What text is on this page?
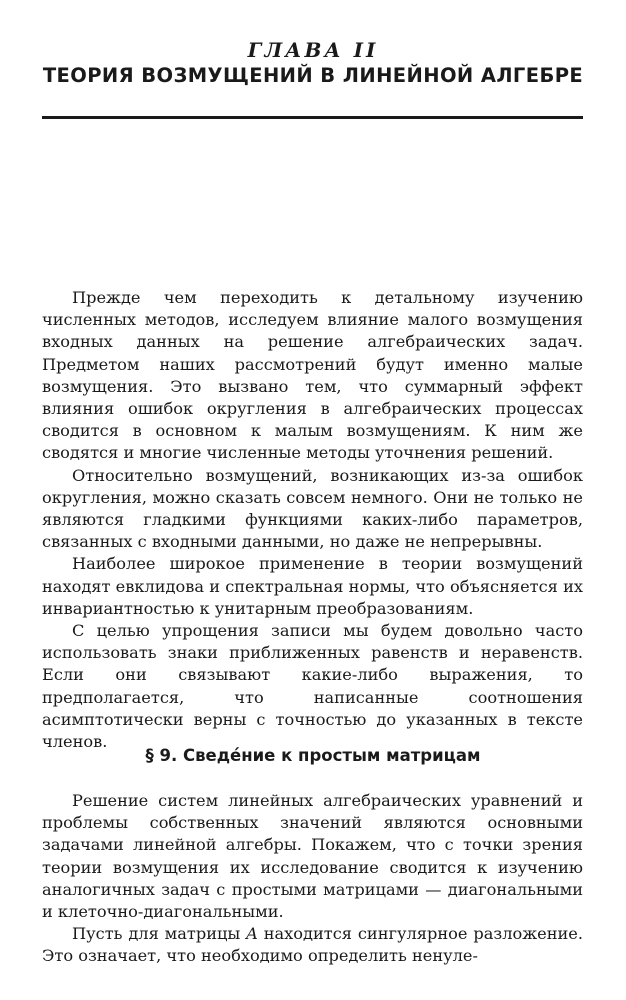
ГЛАВА II
ТЕОРИЯ ВОЗМУЩЕНИЙ В ЛИНЕЙНОЙ АЛГЕБРЕ

Прежде чем переходить к детальному изучению численных методов, исследуем влияние малого возмущения входных данных на решение алгебраических задач. Предметом наших рассмотрений будут именно малые возмущения. Это вызвано тем, что суммарный эффект влияния ошибок округления в алгебраических процессах сводится в основном к малым возмущениям. К ним же сводятся и многие численные методы уточнения решений.

Относительно возмущений, возникающих из-за ошибок округления, можно сказать совсем немного. Они не только не являются гладкими функциями каких-либо параметров, связанных с входными данными, но даже не непрерывны.

Наиболее широкое применение в теории возмущений находят евклидова и спектральная нормы, что объясняется их инвариантностью к унитарным преобразованиям.

С целью упрощения записи мы будем довольно часто использовать знаки приближенных равенств и неравенств. Если они связывают какие-либо выражения, то предполагается, что написанные соотношения асимптотически верны с точностью до указанных в тексте членов.

§ 9. Сведéние к простым матрицам

Решение систем линейных алгебраических уравнений и проблемы собственных значений являются основными задачами линейной алгебры. Покажем, что с точки зрения теории возмущения их исследование сводится к изучению аналогичных задач с простыми матрицами — диагональными и клеточно-диагональными.

Пусть для матрицы A находится сингулярное разложение. Это означает, что необходимо определить ненуле-
